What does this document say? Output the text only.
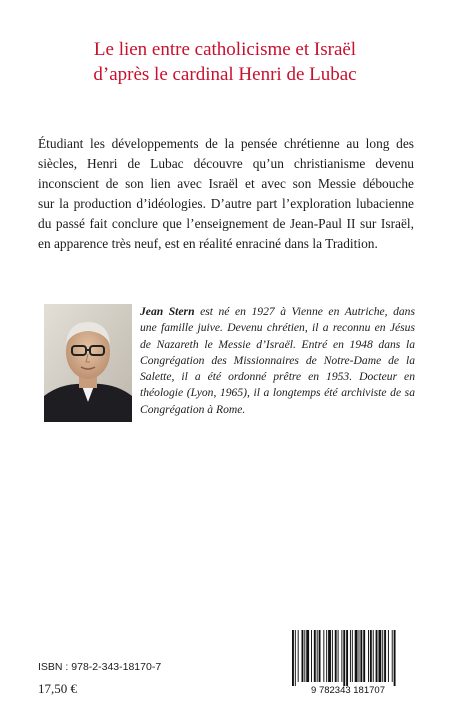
Le lien entre catholicisme et Israël
d’après le cardinal Henri de Lubac
Étudiant les développements de la pensée chrétienne au long des
siècles, Henri de Lubac découvre qu’un christianisme devenu
inconscient de son lien avec Israël et avec son Messie débouche
sur la production d’idéologies. D’autre part l’exploration lubacienne
du passé fait conclure que l’enseignement de Jean-Paul II sur Israël,
en apparence très neuf, est en réalité enraciné dans la Tradition.
Jean Stern est né en 1927 à Vienne en Autriche, dans
une famille juive. Devenu chrétien, il a reconnu en Jésus
de Nazareth le Messie d’Israël. Entré en 1948 dans la
Congrégation des Missionnaires de Notre-Dame de la
Salette, il a été ordonné prêtre en 1953. Docteur en
théologie (Lyon, 1965), il a longtemps été archiviste de sa
Congrégation à Rome.
ISBN : 978-2-343-18170-7
17,50 €	9 782343 181707
